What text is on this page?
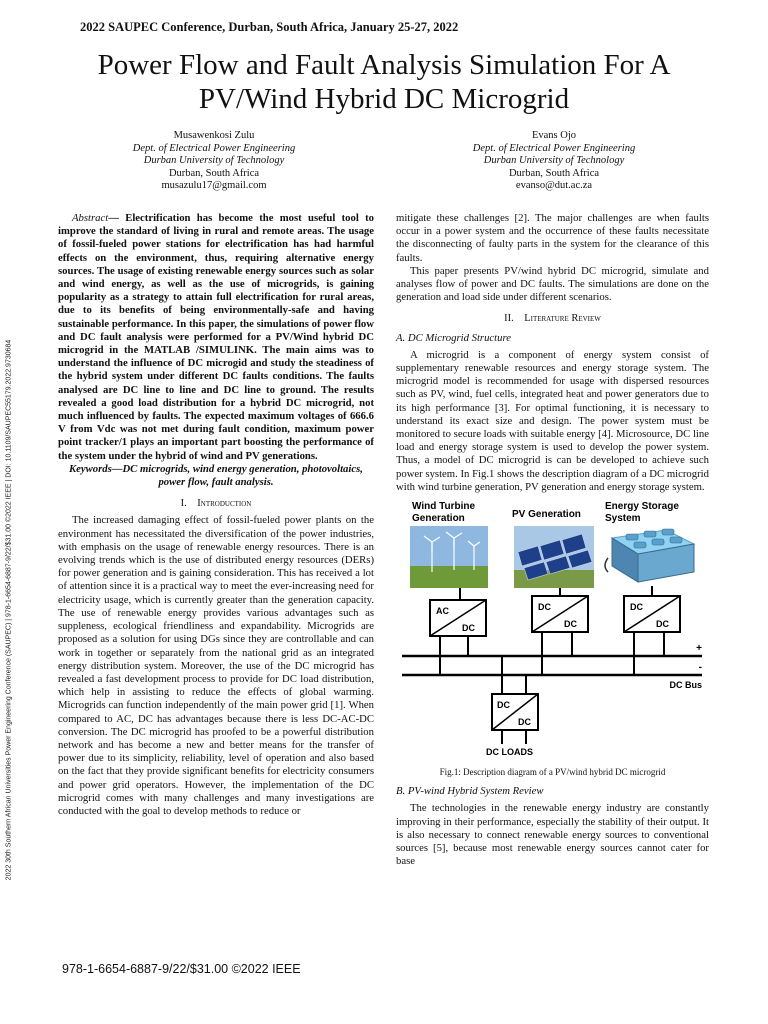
2022 SAUPEC Conference, Durban, South Africa, January 25-27, 2022
Power Flow and Fault Analysis Simulation For A
PV/Wind Hybrid DC Microgrid
Musawenkosi Zulu
Dept. of Electrical Power Engineering
Durban University of Technology
Durban, South Africa
musazulu17@gmail.com
Evans Ojo
Dept. of Electrical Power Engineering
Durban University of Technology
Durban, South Africa
evanso@dut.ac.za
2022 30th Southern African Universities Power Engineering Conference (SAUPEC) | 978-1-6654-6887-9/22/$31.00 ©2022 IEEE | DOI: 10.1109/SAUPEC55179.2022.9730684

Abstract— Electrification has become the most useful tool to improve the standard of living in rural and remote areas. The usage of fossil-fueled power stations for electrification has had harmful effects on the environment, thus, requiring alternative energy sources. The usage of existing renewable energy sources such as solar and wind energy, as well as the use of microgrids, is gaining popularity as a strategy to attain full electrification for rural areas, due to its benefits of being environmentally-safe and having sustainable performance. In this paper, the simulations of power flow and DC fault analysis were performed for a PV/Wind hybrid DC microgrid in the MATLAB /SIMULINK. The main aims was to understand the influence of DC microgid and study the steadiness of the hybrid system under different DC faults conditions. The faults analysed are DC line to line and DC line to ground. The results revealed a good load distribution for a hybrid DC microgrid, not much influenced by faults. The expected maximum voltages of 666.6 V from Vdc was not met during fault condition, maximum power point tracker/1 plays an important part boosting the performance of the system under the hybrid of wind and PV generations.

Keywords—DC microgrids, wind energy generation, photovoltaics, power flow, fault analysis.

I. Introduction

The increased damaging effect of fossil-fueled power plants on the environment has necessitated the diversification of the power industries, with emphasis on the usage of renewable energy resources. There is an evolving trends which is the use of distributed energy resources (DERs) for power generation and is gaining consideration. This has received a lot of attention since it is a practical way to meet the ever-increasing need for electricity usage, which is currently greater than the generation capacity. The use of renewable energy provides various advantages such as suppleness, ecological friendliness and expandability. Microgrids are proposed as a solution for using DGs since they are controllable and can work in together or separately from the national grid as an integrated energy distribution system. Moreover, the use of the DC microgrid has revealed a fast development process to provide for DC load distribution, which help in assisting to reduce the effects of global warming. Microgrids can function independently of the main power grid [1]. When compared to AC, DC has advantages because there is less DC-AC-DC conversion. The DC microgrid has proofed to be a powerful distribution network and has become a new and better means for the transfer of power due to its simplicity, reliability, level of operation and also based on the fact that they provide significant benefits for electricity consumers and power grid operators. However, the implementation of the DC microgrid comes with many challenges and many investigations are conducted with the goal to develop methods to reduce or

mitigate these challenges [2]. The major challenges are when faults occur in a power system and the occurrence of these faults necessitate the disconnecting of faulty parts in the system for the clearance of this faults.

This paper presents PV/wind hybrid DC microgrid, simulate and analyses flow of power and DC faults. The simulations are done on the generation and load side under different scenarios.

II. Literature Review
A. DC Microgrid Structure

A microgrid is a component of energy system consist of supplementary renewable resources and energy storage system. The microgrid model is recommended for usage with dispersed resources such as PV, wind, fuel cells, integrated heat and power generators due to its high performance [3]. For optimal functioning, it is necessary to understand its exact size and design. The power system must be monitored to secure loads with suitable energy [4]. Microsource, DC line load and energy storage system is used to develop the power system. Thus, a model of DC microgrid is can be developed to achieve such power system. In Fig.1 shows the description diagram of a DC microgrid with wind turbine generation, PV generation and energy storage system.

Wind Turbine
Generation	PV Generation
Energy Storage
System
AC
DC
DC
DC
DC
DC
+
-
DC Bus
DC
DC
DC LOADS
Fig.1: Description diagram of a PV/wind hybrid DC microgrid
B. PV-wind Hybrid System Review

The technologies in the renewable energy industry are constantly improving in their performance, especially the stability of their output. It is also necessary to connect renewable energy sources to conventional sources [5], because most renewable energy sources cannot cater for base

978-1-6654-6887-9/22/$31.00 ©2022 IEEE
